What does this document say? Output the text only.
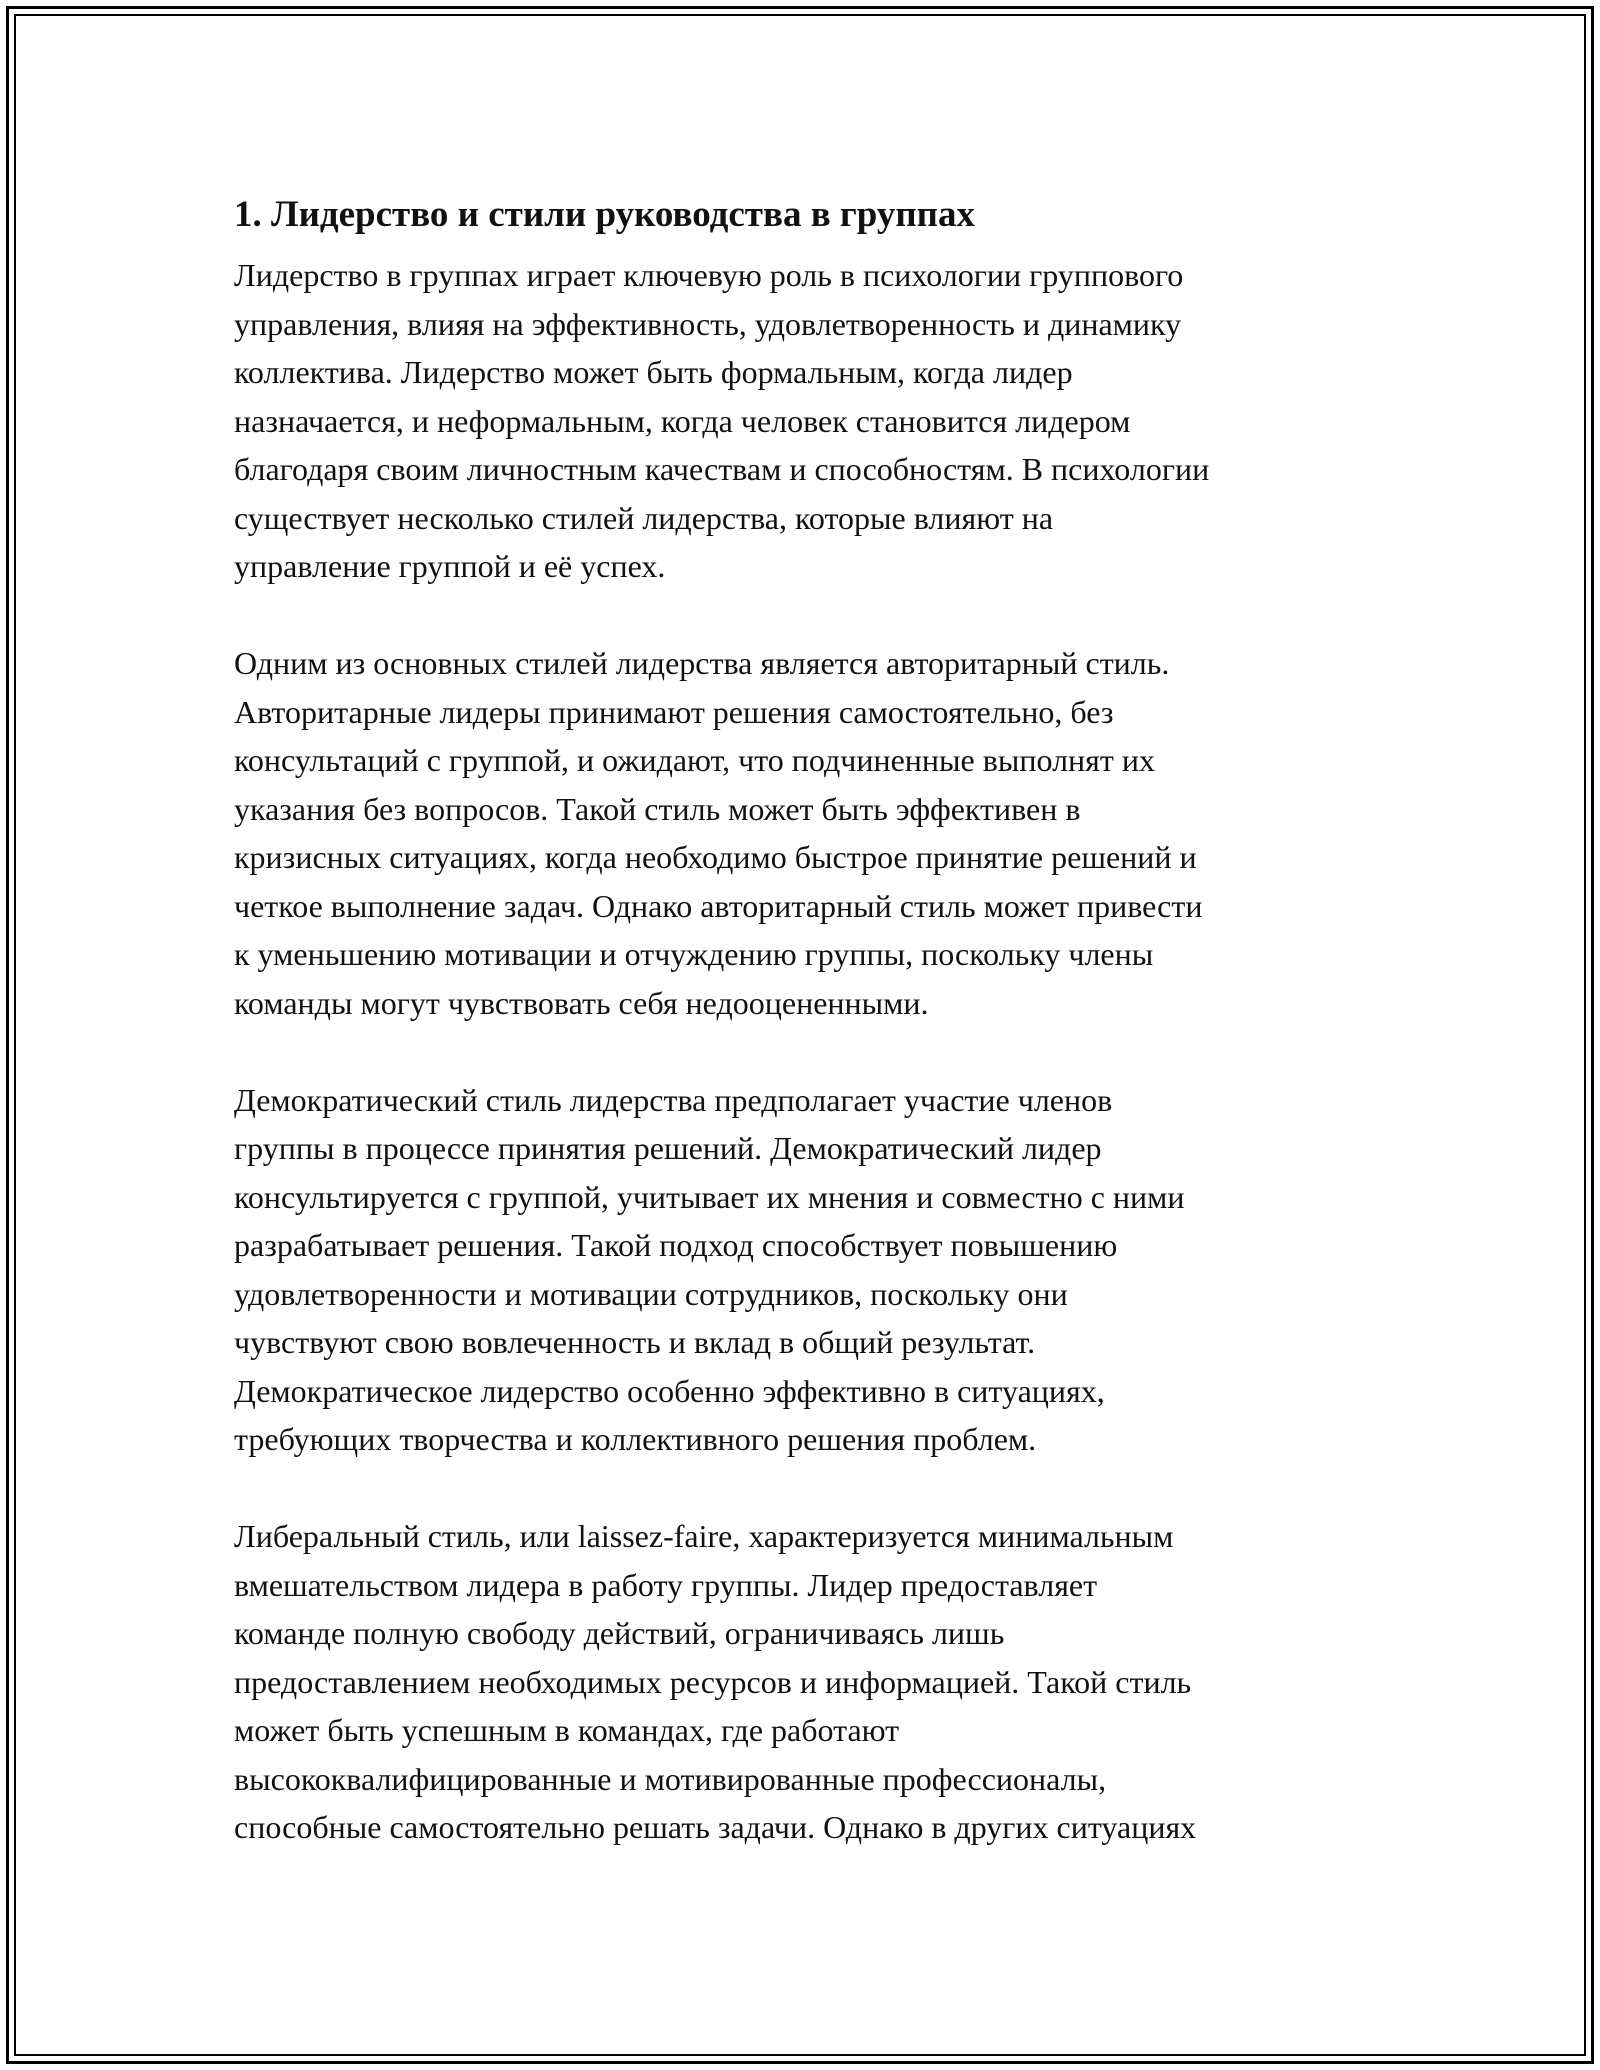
1. Лидерство и стили руководства в группах

Лидерство в группах играет ключевую роль в психологии группового
управления, влияя на эффективность, удовлетворенность и динамику
коллектива. Лидерство может быть формальным, когда лидер
назначается, и неформальным, когда человек становится лидером
благодаря своим личностным качествам и способностям. В психологии
существует несколько стилей лидерства, которые влияют на
управление группой и её успех.

Одним из основных стилей лидерства является авторитарный стиль.
Авторитарные лидеры принимают решения самостоятельно, без
консультаций с группой, и ожидают, что подчиненные выполнят их
указания без вопросов. Такой стиль может быть эффективен в
кризисных ситуациях, когда необходимо быстрое принятие решений и
четкое выполнение задач. Однако авторитарный стиль может привести
к уменьшению мотивации и отчуждению группы, поскольку члены
команды могут чувствовать себя недооцененными.

Демократический стиль лидерства предполагает участие членов
группы в процессе принятия решений. Демократический лидер
консультируется с группой, учитывает их мнения и совместно с ними
разрабатывает решения. Такой подход способствует повышению
удовлетворенности и мотивации сотрудников, поскольку они
чувствуют свою вовлеченность и вклад в общий результат.
Демократическое лидерство особенно эффективно в ситуациях,
требующих творчества и коллективного решения проблем.

Либеральный стиль, или laissez-faire, характеризуется минимальным
вмешательством лидера в работу группы. Лидер предоставляет
команде полную свободу действий, ограничиваясь лишь
предоставлением необходимых ресурсов и информацией. Такой стиль
может быть успешным в командах, где работают
высококвалифицированные и мотивированные профессионалы,
способные самостоятельно решать задачи. Однако в других ситуациях
